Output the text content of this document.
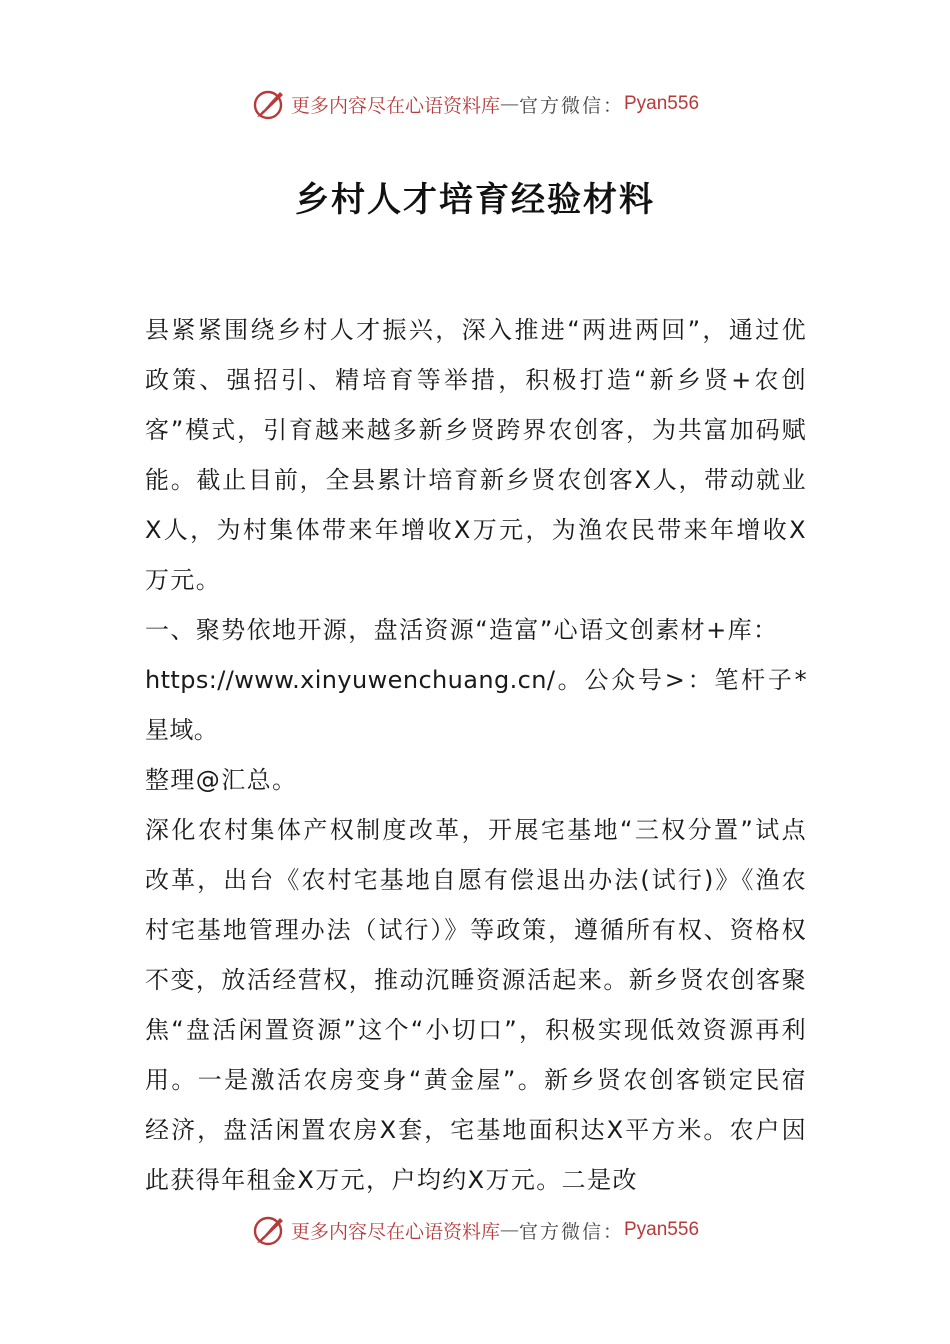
更多内容尽在心语资料库 — 官方微信： Pyan556
乡村人才培育经验材料

县紧紧围绕乡村人才振兴，深入推进“两进两回”，通过优政策、强招引、精培育等举措，积极打造“新乡贤+农创客”模式，引育越来越多新乡贤跨界农创客，为共富加码赋能。截止目前，全县累计培育新乡贤农创客X人，带动就业X人，为村集体带来年增收X万元，为渔农民带来年增收X万元。

一、聚势依地开源，盘活资源“造富”心语文创素材+库：

https://www.xinyuwenchuang.cn/。公众号>：笔杆子*星域。

整理@汇总。

深化农村集体产权制度改革，开展宅基地“三权分置”试点改革，出台《农村宅基地自愿有偿退出办法(试行)》《渔农村宅基地管理办法（试行）》等政策，遵循所有权、资格权不变，放活经营权，推动沉睡资源活起来。新乡贤农创客聚焦“盘活闲置资源”这个“小切口”，积极实现低效资源再利用。一是激活农房变身“黄金屋”。新乡贤农创客锁定民宿经济，盘活闲置农房X套，宅基地面积达X平方米。农户因此获得年租金X万元，户均约X万元。二是改

更多内容尽在心语资料库 — 官方微信： Pyan556
